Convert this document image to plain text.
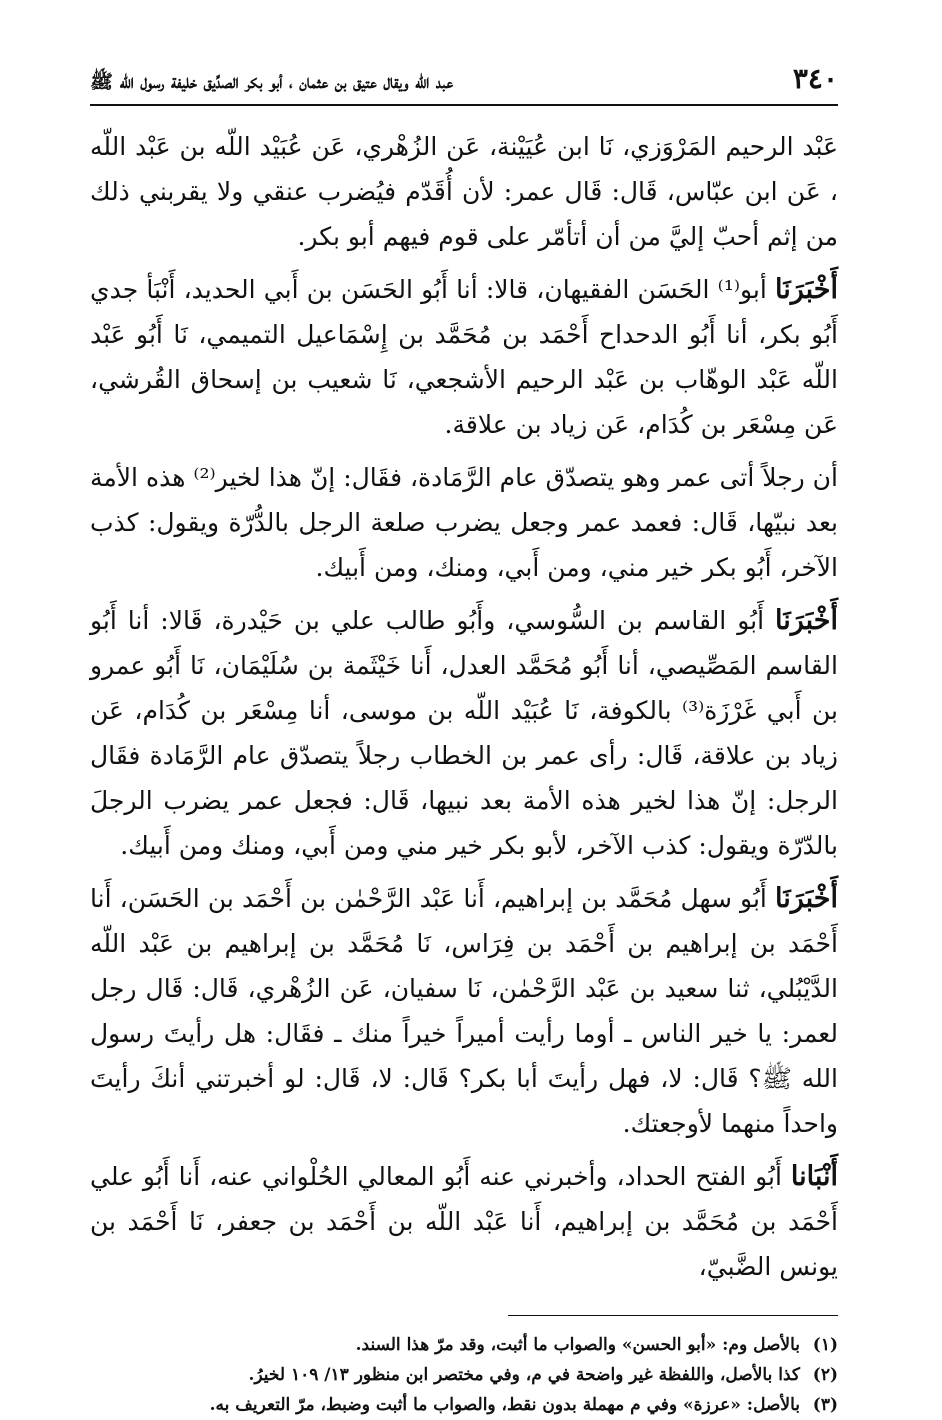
٣٤٠
عبد الله ويقال عتيق بن عثمان ، أبو بكر الصدِّيق خليفة رسول الله ﷺ

عَبْد الرحيم المَرْوَزي، نَا ابن عُيَيْنة، عَن الزُهْري، عَن عُبَيْد اللّه بن عَبْد اللّه ، عَن ابن عبّاس، قَال: قَال عمر: لأن أُقَدّم فيُضرب عنقي ولا يقربني ذلك من إثم أحبّ إليَّ من أن أتأمّر على قوم فيهم أبو بكر.

أَخْبَرَنَا أبو⁽¹⁾ الحَسَن الفقيهان، قالا: أنا أَبُو الحَسَن بن أَبي الحديد، أَنْبَأ جدي أَبُو بكر، أنا أَبُو الدحداح أَحْمَد بن مُحَمَّد بن إِسْمَاعيل التميمي، نَا أَبُو عَبْد اللّه عَبْد الوهّاب بن عَبْد الرحيم الأشجعي، نَا شعيب بن إسحاق القُرشي، عَن مِسْعَر بن كُدَام، عَن زياد بن علاقة.

أن رجلاً أتى عمر وهو يتصدّق عام الرَّمَادة، فقَال: إنّ هذا لخير⁽²⁾ هذه الأمة بعد نبيّها، قَال: فعمد عمر وجعل يضرب صلعة الرجل بالدُّرّة ويقول: كذب الآخر، أَبُو بكر خير مني، ومن أَبي، ومنك، ومن أَبيك.

أَخْبَرَنَا أَبُو القاسم بن السُّوسي، وأَبُو طالب علي بن حَيْدرة، قَالا: أنا أَبُو القاسم المَصِّيصي، أنا أَبُو مُحَمَّد العدل، أَنا خَيْثَمة بن سُلَيْمَان، نَا أَبُو عمرو بن أَبي غَرْزَة⁽³⁾ بالكوفة، نَا عُبَيْد اللّه بن موسى، أنا مِسْعَر بن كُدَام، عَن زياد بن علاقة، قَال: رأى عمر بن الخطاب رجلاً يتصدّق عام الرَّمَادة فقَال الرجل: إنّ هذا لخير هذه الأمة بعد نبيها، قَال: فجعل عمر يضرب الرجلَ بالدّرّة ويقول: كذب الآخر، لأبو بكر خير مني ومن أَبي، ومنك ومن أَبيك.

أَخْبَرَنَا أَبُو سهل مُحَمَّد بن إبراهيم، أَنا عَبْد الرَّحْمٰن بن أَحْمَد بن الحَسَن، أَنا أَحْمَد بن إبراهيم بن أَحْمَد بن فِرَاس، نَا مُحَمَّد بن إبراهيم بن عَبْد اللّه الدَّيْبُلي، ثنا سعيد بن عَبْد الرَّحْمٰن، نَا سفيان، عَن الزُهْري، قَال: قَال رجل لعمر: يا خير الناس ـ أوما رأيت أميراً خيراً منك ـ فقَال: هل رأيتَ رسول الله ﷺ؟ قَال: لا، فهل رأيتَ أبا بكر؟ قَال: لا، قَال: لو أخبرتني أنكَ رأيتَ واحداً منهما لأوجعتك.

أَنْبَانا أَبُو الفتح الحداد، وأخبرني عنه أَبُو المعالي الحُلْواني عنه، أَنا أَبُو علي أَحْمَد بن مُحَمَّد بن إبراهيم، أَنا عَبْد اللّه بن أَحْمَد بن جعفر، نَا أَحْمَد بن يونس الضَّبيّ،

(١)
بالأصل وم: «أبو الحسن» والصواب ما أثبت، وقد مرّ هذا السند.
(٢)
كذا بالأصل، واللفظة غير واضحة في م، وفي مختصر ابن منظور ١٣/ ١٠٩ لخيرُ.
(٣)
بالأصل: «عرزة» وفي م مهملة بدون نقط، والصواب ما أثبت وضبط، مرّ التعريف به.
